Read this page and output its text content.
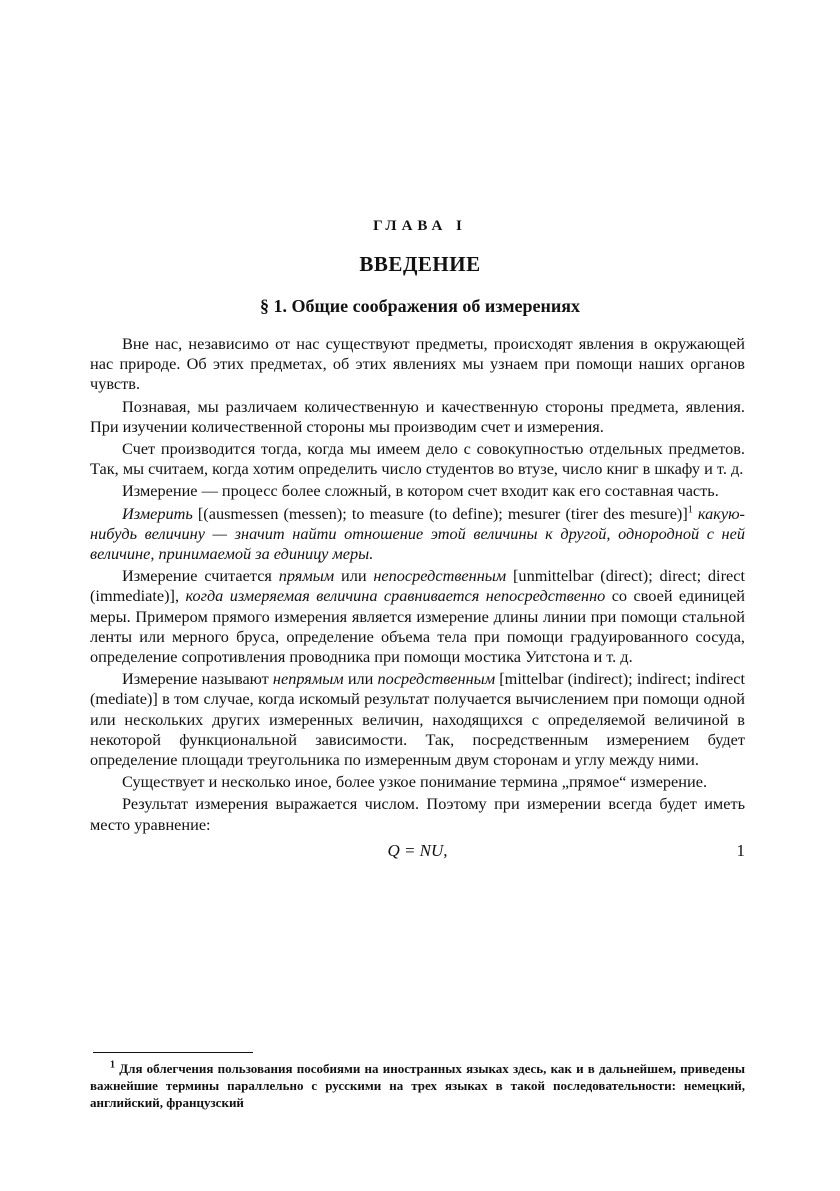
ГЛАВА I
ВВЕДЕНИЕ
§ 1. Общие соображения об измерениях

Вне нас, независимо от нас существуют предметы, происходят явления в окружающей нас природе. Об этих предметах, об этих явлениях мы узнаем при помощи наших органов чувств.

Познавая, мы различаем количественную и качественную стороны предмета, явления. При изучении количественной стороны мы производим счет и измерения.

Счет производится тогда, когда мы имеем дело с совокупностью отдельных предметов. Так, мы считаем, когда хотим определить число студентов во втузе, число книг в шкафу и т. д.

Измерение — процесс более сложный, в котором счет входит как его составная часть.

Измерить [(ausmessen (messen); to measure (to define); mesurer (tirer des mesure)]$^1$ какую-нибудь величину — значит найти отношение этой величины к другой, однородной с ней величине, принимаемой за единицу меры.

Измерение считается прямым или непосредственным [unmittelbar (direct); direct; direct (immediate)], когда измеряемая величина сравнивается непосредственно со своей единицей меры. Примером прямого измерения является измерение длины линии при помощи стальной ленты или мерного бруса, определение объема тела при помощи градуированного сосуда, определение сопротивления проводника при помощи мостика Уитстона и т. д.

Измерение называют непрямым или посредственным [mittelbar (indirect); indirect; indirect (mediate)] в том случае, когда искомый результат получается вычислением при помощи одной или нескольких других измеренных величин, находящихся с определяемой величиной в некоторой функциональной зависимости. Так, посредственным измерением будет определение площади треугольника по измеренным двум сторонам и углу между ними.

Существует и несколько иное, более узкое понимание термина „прямое“ измерение.

Результат измерения выражается числом. Поэтому при измерении всегда будет иметь место уравнение:

Q = NU,	1
$^1$ Для облегчения пользования пособиями на иностранных языках здесь, как и в дальнейшем, приведены важнейшие термины параллельно с русскими на трех языках в такой последовательности: немецкий, английский, французский
